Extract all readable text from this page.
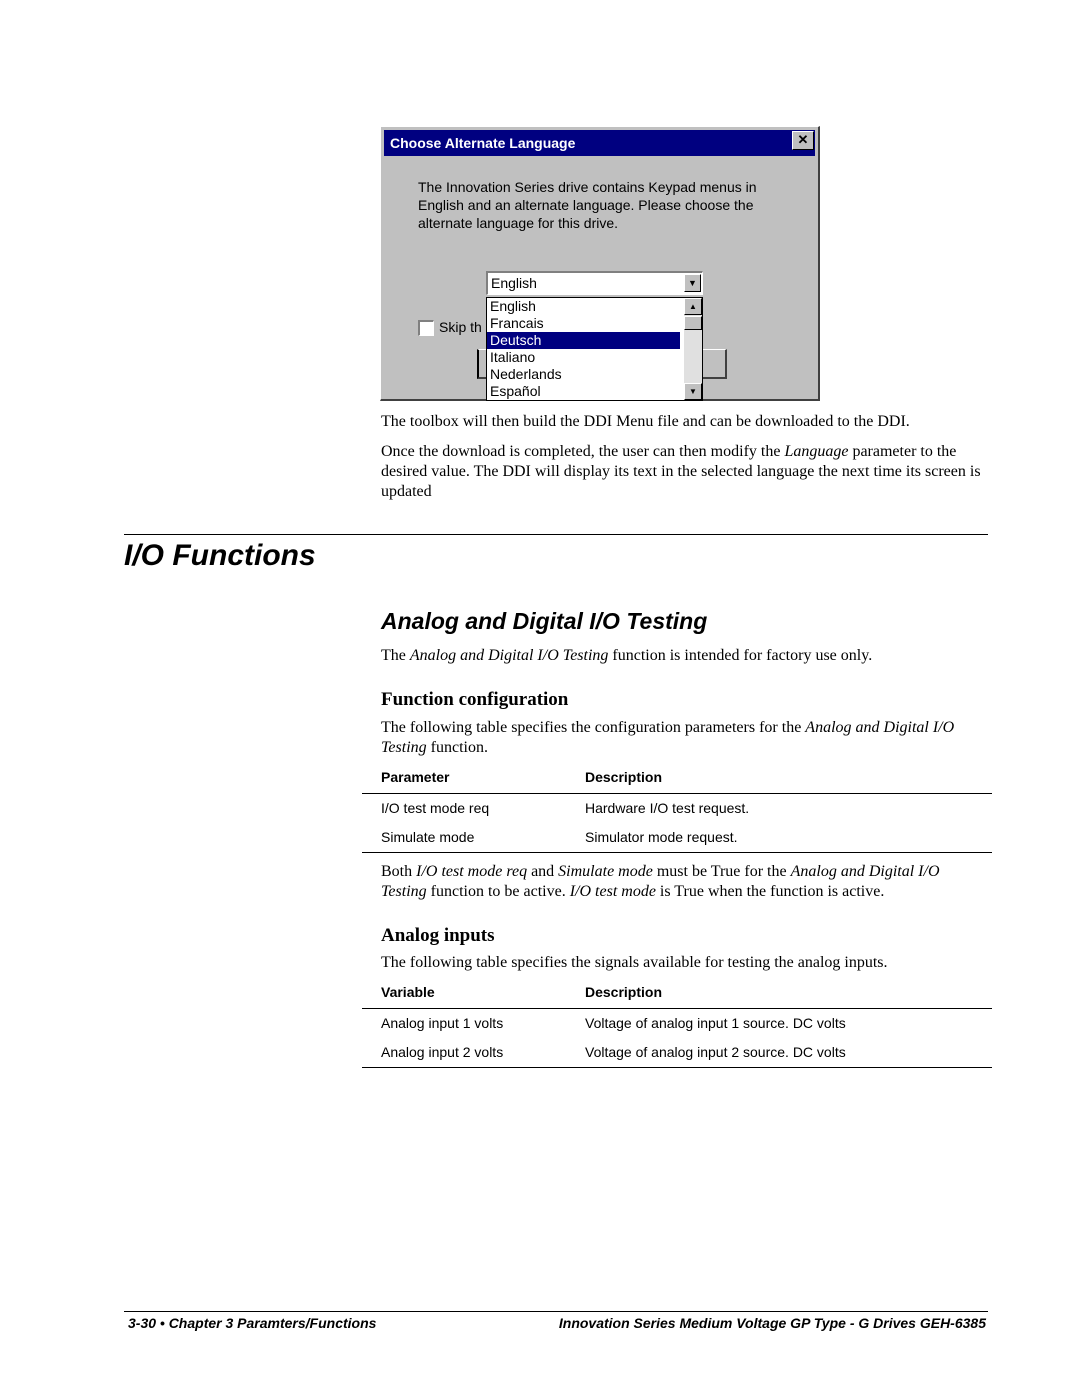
Choose Alternate Language	✕
The Innovation Series drive contains Keypad menus in English and an alternate language. Please choose the alternate language for this drive.
Skip th
English	▼
English
Francais
Deutsch
Italiano
Nederlands
Español
▲
▼
The toolbox will then build the DDI Menu file and can be downloaded to the DDI.
Once the download is completed, the user can then modify the Language parameter to the desired value. The DDI will display its text in the selected language the next time its screen is updated
I/O Functions
Analog and Digital I/O Testing
The Analog and Digital I/O Testing function is intended for factory use only.
Function configuration
The following table specifies the configuration parameters for the Analog and Digital I/O Testing function.
Parameter	Description
I/O test mode req	Hardware I/O test request.
Simulate mode	Simulator mode request.
Both I/O test mode req and Simulate mode must be True for the Analog and Digital I/O Testing function to be active. I/O test mode is True when the function is active.
Analog inputs
The following table specifies the signals available for testing the analog inputs.
Variable	Description
Analog input 1 volts	Voltage of analog input 1 source. DC volts
Analog input 2 volts	Voltage of analog input 2 source. DC volts
3-30 • Chapter 3 Paramters/Functions	Innovation Series Medium Voltage GP Type - G Drives GEH-6385
